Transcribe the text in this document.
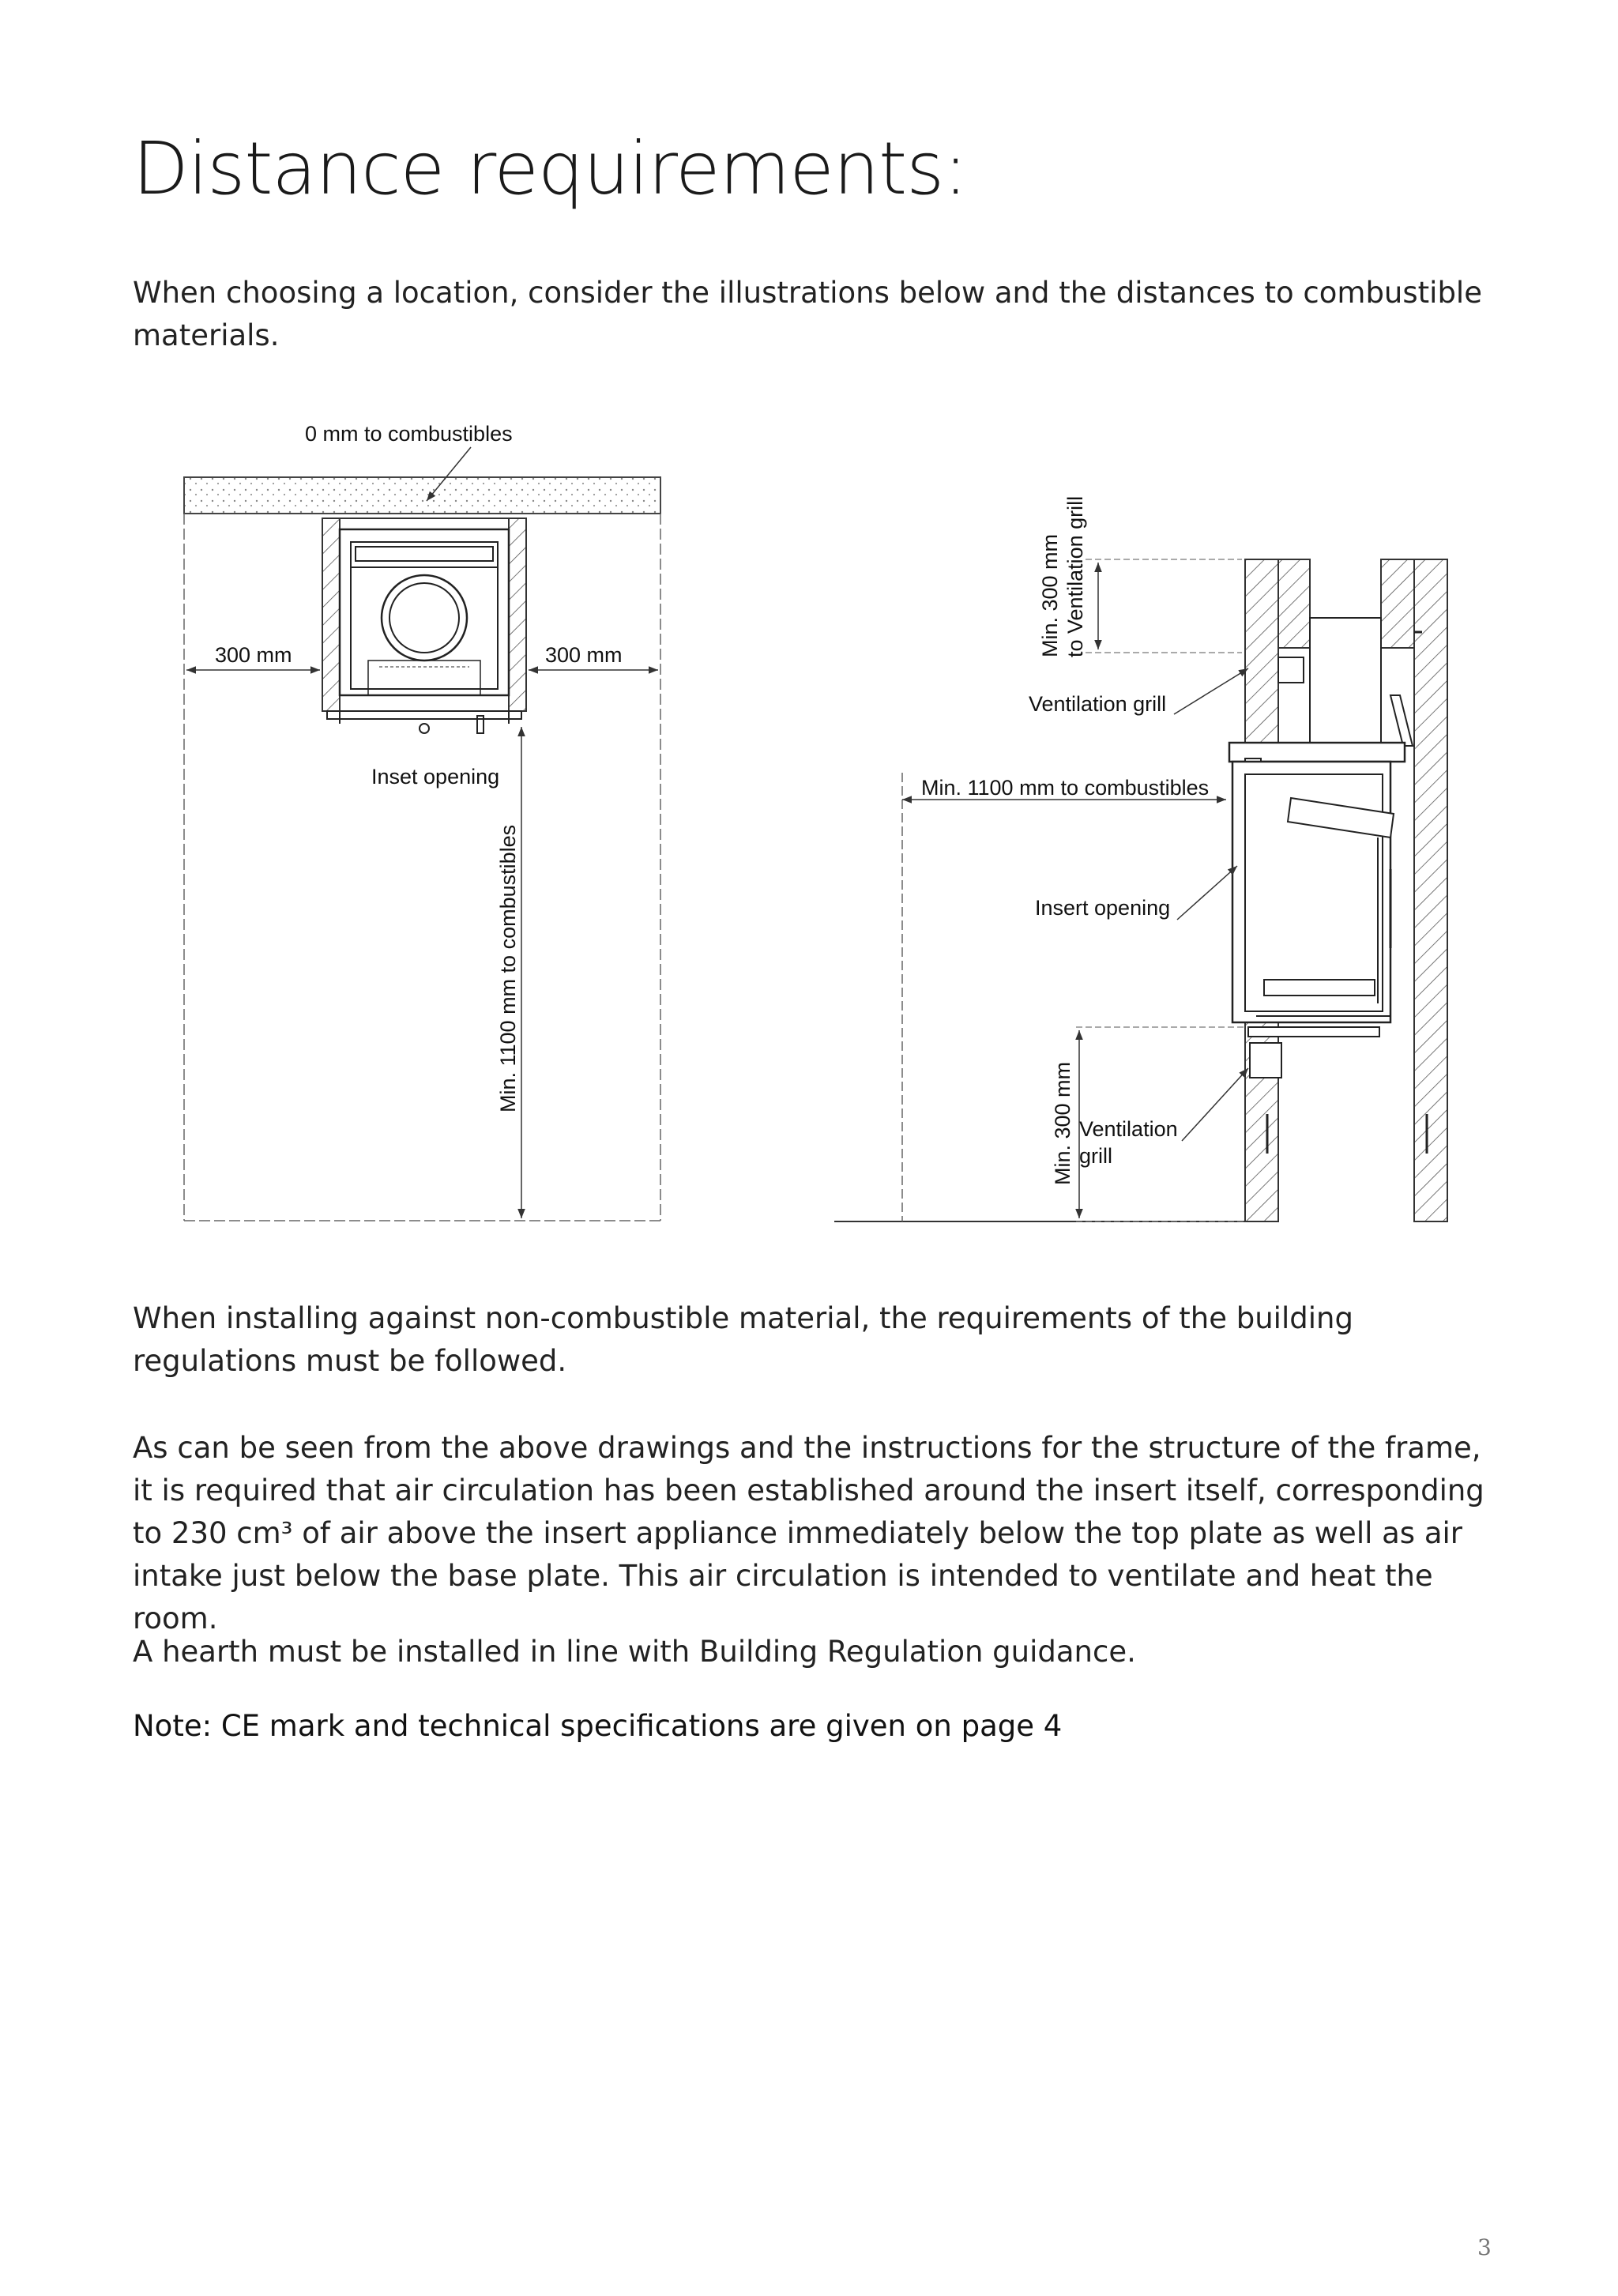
Distance requirements:

When choosing a location, consider the illustrations below and the distances to combustible materials.

0 mm to combustibles
300 mm	300 mm
Inset opening
Min. 1100 mm to combustibles
Min. 300 mm to Ventilation grill
Ventilation grill
Min. 1100 mm to combustibles
Insert opening
Min. 300 mm Ventilation
grill

When installing against non-combustible material, the requirements of the building regulations must be followed.

As can be seen from the above drawings and the instructions for the structure of the frame, it is required that air circulation has been established around the insert itself, corresponding to 230 cm³ of air above the insert appliance immediately below the top plate as well as air intake just below the base plate. This air circulation is intended to ventilate and heat the room.

A hearth must be installed in line with Building Regulation guidance.

Note: CE mark and technical specifications are given on page 4

3
